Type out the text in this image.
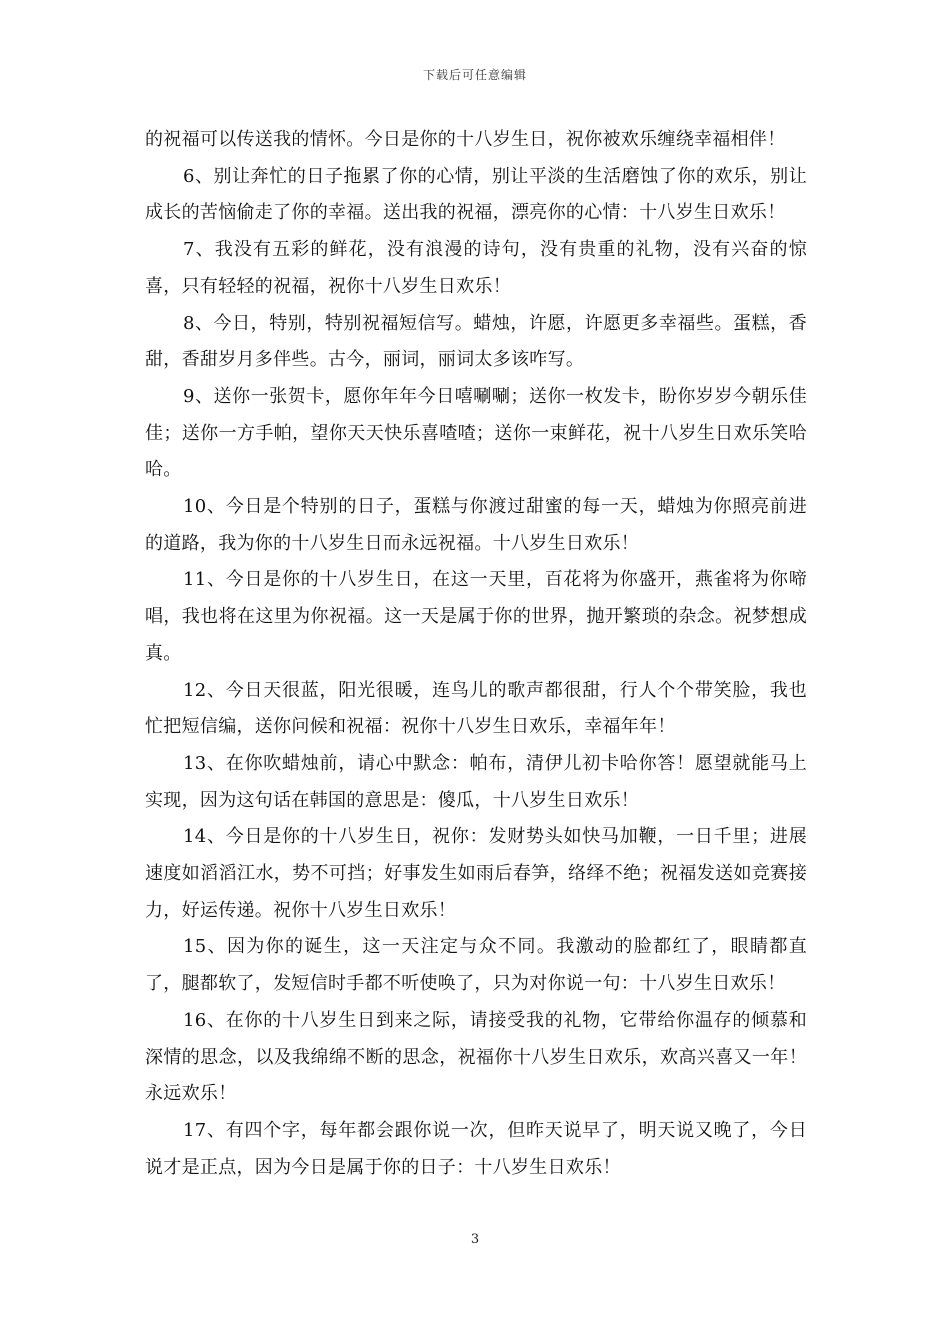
下载后可任意编辑

的祝福可以传送我的情怀。今日是你的十八岁生日，祝你被欢乐缠绕幸福相伴！

6、别让奔忙的日子拖累了你的心情，别让平淡的生活磨蚀了你的欢乐，别让成长的苦恼偷走了你的幸福。送出我的祝福，漂亮你的心情：十八岁生日欢乐！

7、我没有五彩的鲜花，没有浪漫的诗句，没有贵重的礼物，没有兴奋的惊喜，只有轻轻的祝福，祝你十八岁生日欢乐！

8、今日，特别，特别祝福短信写。蜡烛，许愿，许愿更多幸福些。蛋糕，香甜，香甜岁月多伴些。古今，丽词，丽词太多该咋写。

9、送你一张贺卡，愿你年年今日嘻唰唰；送你一枚发卡，盼你岁岁今朝乐佳佳；送你一方手帕，望你天天快乐喜喳喳；送你一束鲜花，祝十八岁生日欢乐笑哈哈。

10、今日是个特别的日子，蛋糕与你渡过甜蜜的每一天，蜡烛为你照亮前进的道路，我为你的十八岁生日而永远祝福。十八岁生日欢乐！

11、今日是你的十八岁生日，在这一天里，百花将为你盛开，燕雀将为你啼唱，我也将在这里为你祝福。这一天是属于你的世界，抛开繁琐的杂念。祝梦想成真。

12、今日天很蓝，阳光很暖，连鸟儿的歌声都很甜，行人个个带笑脸，我也忙把短信编，送你问候和祝福：祝你十八岁生日欢乐，幸福年年！

13、在你吹蜡烛前，请心中默念：帕布，清伊儿初卡哈你答！愿望就能马上实现，因为这句话在韩国的意思是：傻瓜，十八岁生日欢乐！

14、今日是你的十八岁生日，祝你：发财势头如快马加鞭，一日千里；进展速度如滔滔江水，势不可挡；好事发生如雨后春笋，络绎不绝；祝福发送如竞赛接力，好运传递。祝你十八岁生日欢乐！

15、因为你的诞生，这一天注定与众不同。我激动的脸都红了，眼睛都直了，腿都软了，发短信时手都不听使唤了，只为对你说一句：十八岁生日欢乐！

16、在你的十八岁生日到来之际，请接受我的礼物，它带给你温存的倾慕和深情的思念，以及我绵绵不断的思念，祝福你十八岁生日欢乐，欢高兴喜又一年！永远欢乐！

17、有四个字，每年都会跟你说一次，但昨天说早了，明天说又晚了，今日说才是正点，因为今日是属于你的日子：十八岁生日欢乐！

3
